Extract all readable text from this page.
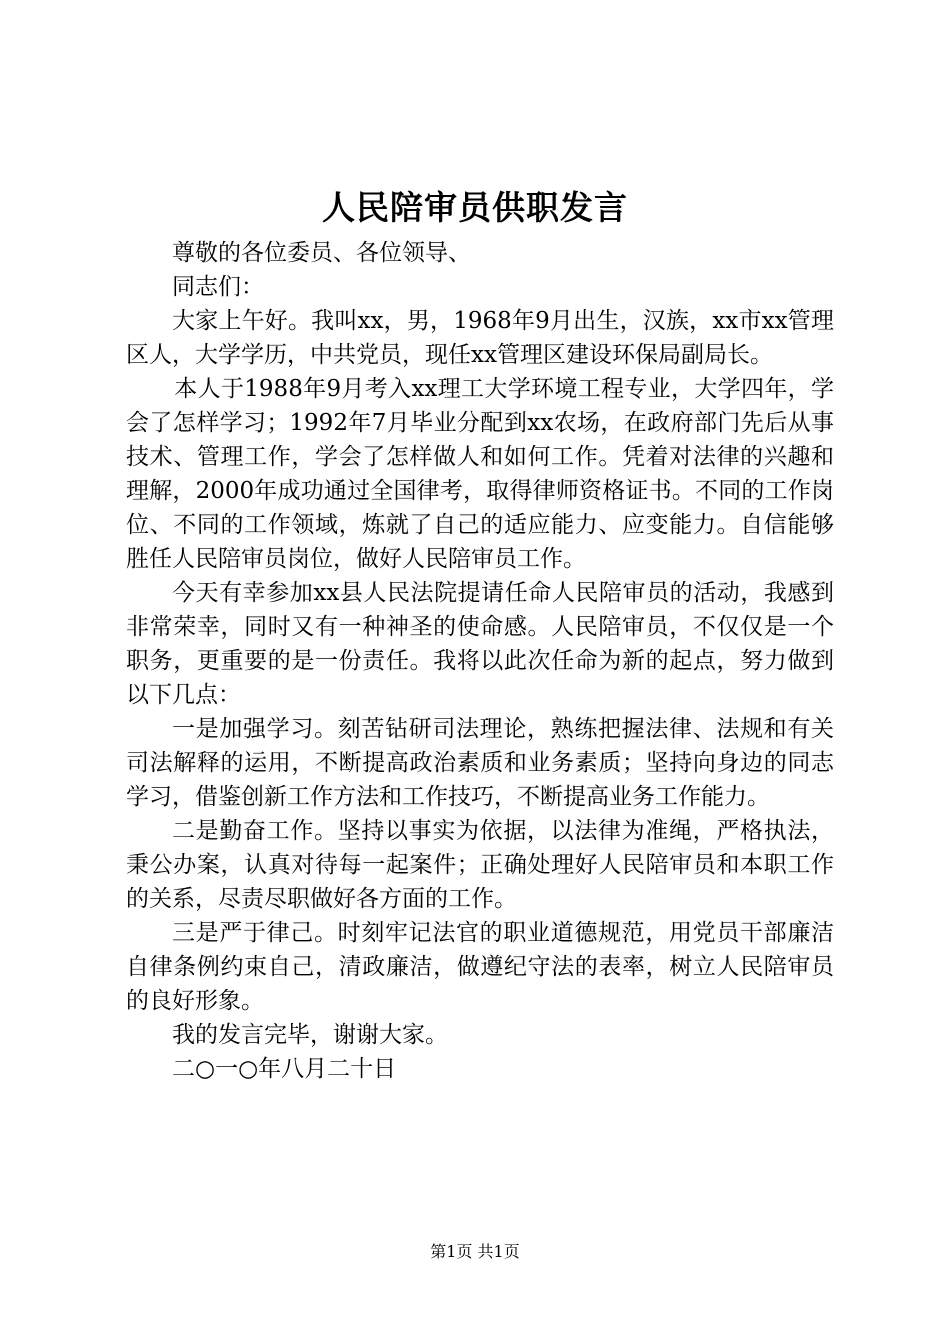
人民陪审员供职发言

尊敬的各位委员、各位领导、

同志们：

大家上午好。我叫xx，男，1968年9月出生，汉族，xx市xx管理区人，大学学历，中共党员，现任xx管理区建设环保局副局长。

本人于1988年9月考入xx理工大学环境工程专业，大学四年，学会了怎样学习；1992年7月毕业分配到xx农场，在政府部门先后从事技术、管理工作，学会了怎样做人和如何工作。凭着对法律的兴趣和理解，2000年成功通过全国律考，取得律师资格证书。不同的工作岗位、不同的工作领域，炼就了自己的适应能力、应变能力。自信能够胜任人民陪审员岗位，做好人民陪审员工作。

今天有幸参加xx县人民法院提请任命人民陪审员的活动，我感到非常荣幸，同时又有一种神圣的使命感。人民陪审员，不仅仅是一个职务，更重要的是一份责任。我将以此次任命为新的起点，努力做到以下几点：

一是加强学习。刻苦钻研司法理论，熟练把握法律、法规和有关司法解释的运用，不断提高政治素质和业务素质；坚持向身边的同志学习，借鉴创新工作方法和工作技巧，不断提高业务工作能力。

二是勤奋工作。坚持以事实为依据，以法律为准绳，严格执法，秉公办案，认真对待每一起案件；正确处理好人民陪审员和本职工作的关系，尽责尽职做好各方面的工作。

三是严于律己。时刻牢记法官的职业道德规范，用党员干部廉洁自律条例约束自己，清政廉洁，做遵纪守法的表率，树立人民陪审员的良好形象。

我的发言完毕，谢谢大家。

二○一○年八月二十日

第1页 共1页
